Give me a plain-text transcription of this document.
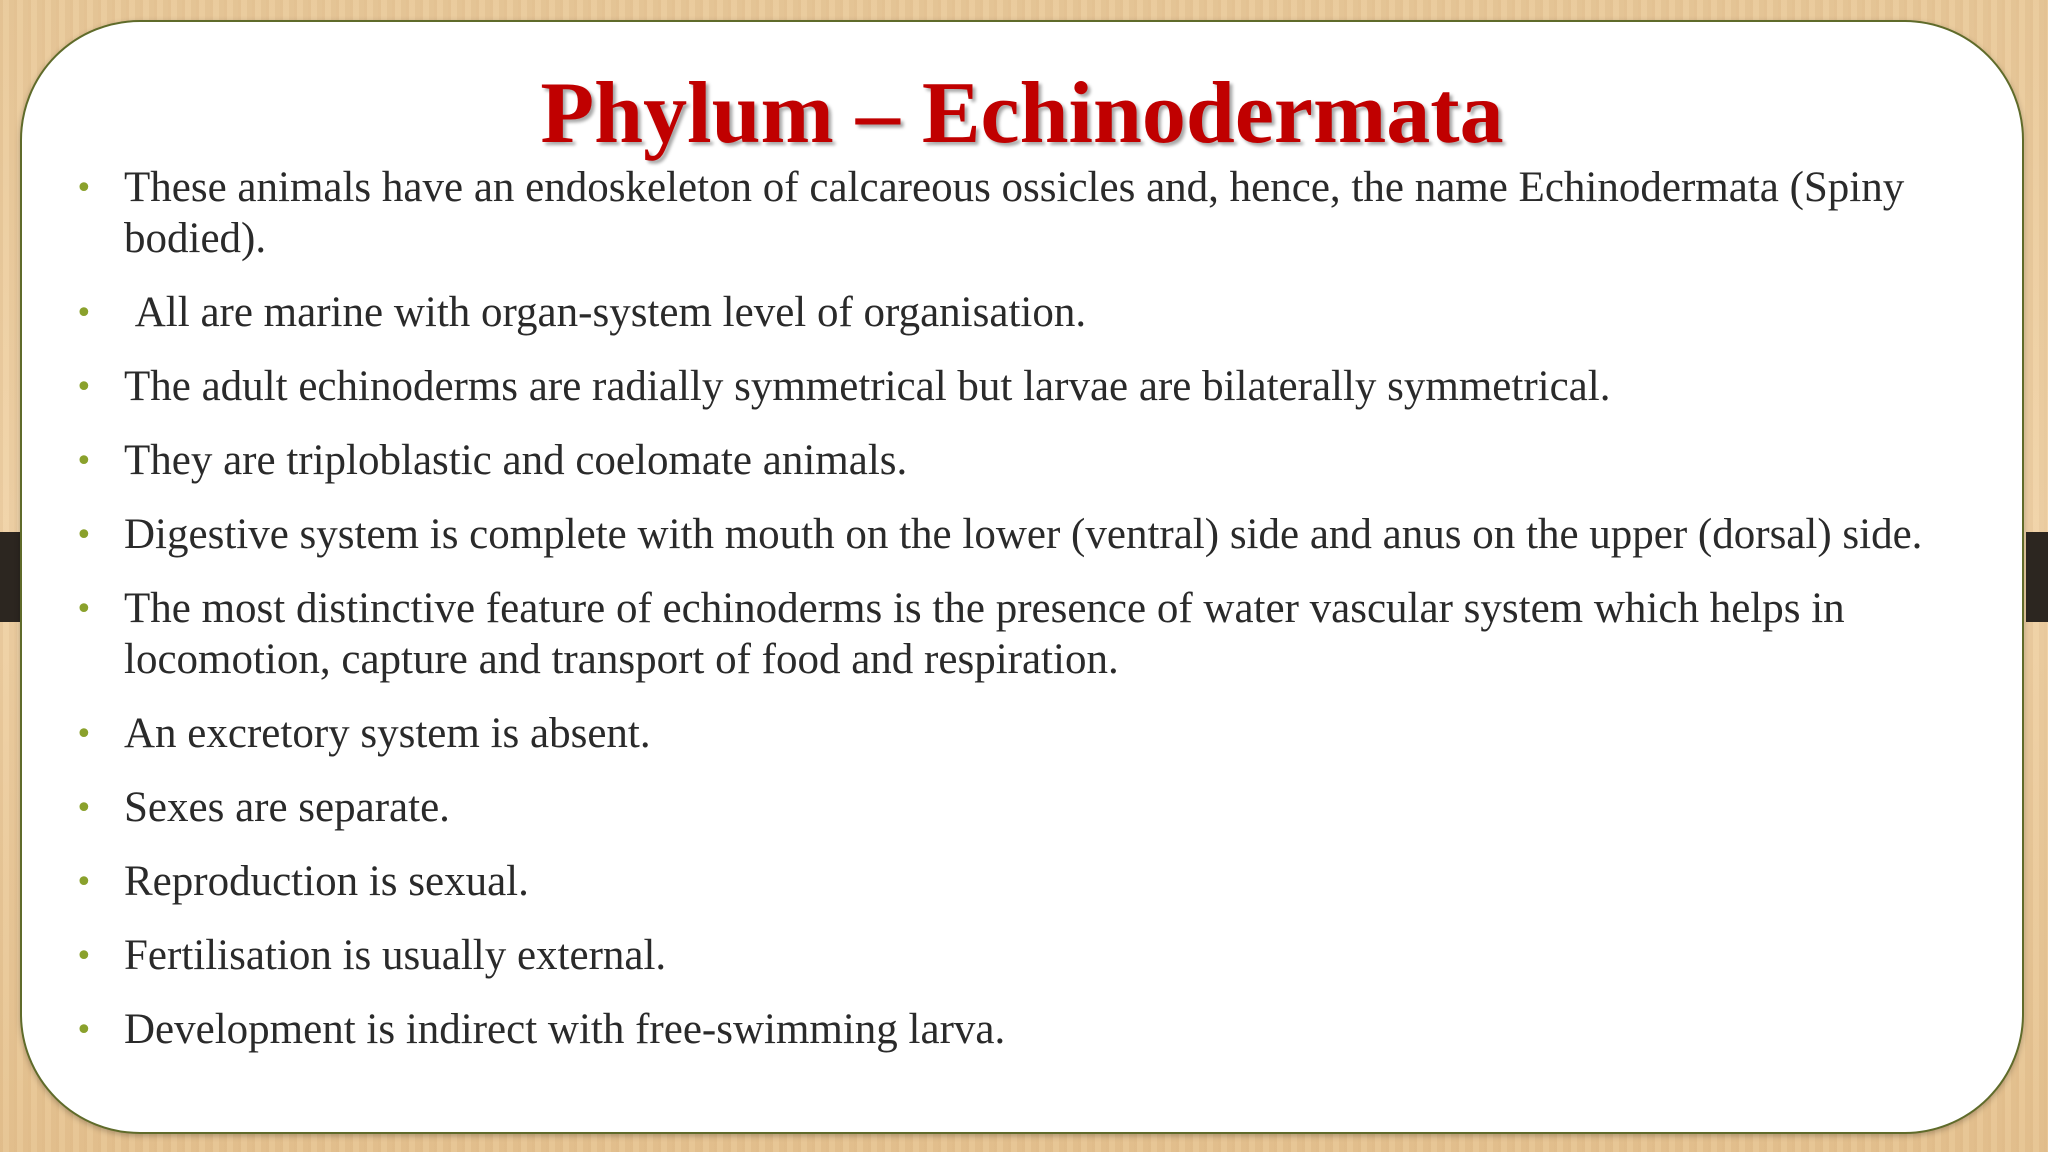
Phylum – Echinodermata
• These animals have an endoskeleton of calcareous ossicles and, hence, the name Echinodermata (Spiny bodied).
• All are marine with organ-system level of organisation.
• The adult echinoderms are radially symmetrical but larvae are bilaterally symmetrical.
• They are triploblastic and coelomate animals.
• Digestive system is complete with mouth on the lower (ventral) side and anus on the upper (dorsal) side.
• The most distinctive feature of echinoderms is the presence of water vascular system which helps in locomotion, capture and transport of food and respiration.
• An excretory system is absent.
• Sexes are separate.
• Reproduction is sexual.
• Fertilisation is usually external.
• Development is indirect with free-swimming larva.
